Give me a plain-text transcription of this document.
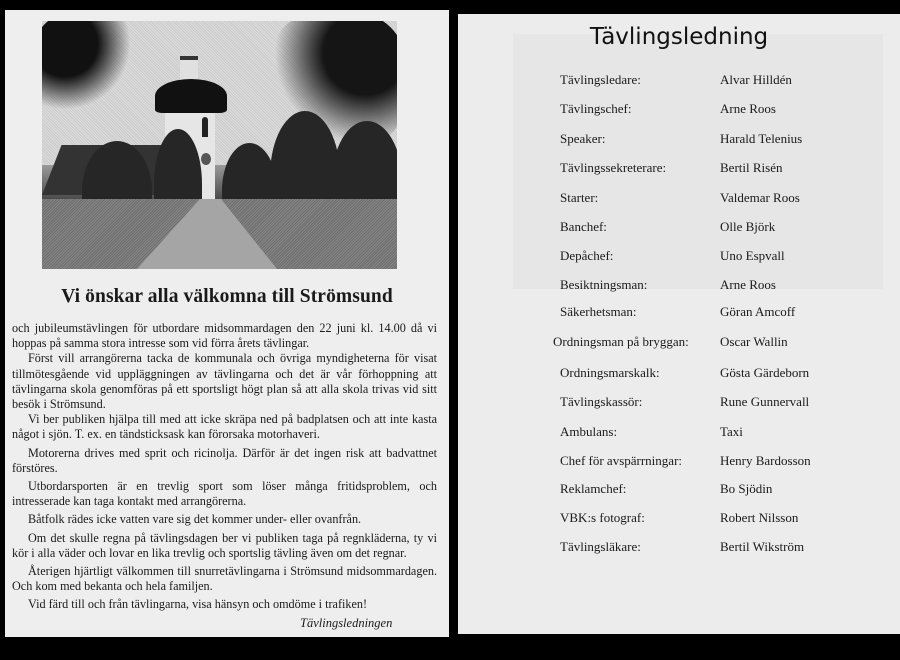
Vi önskar alla välkomna till Strömsund

och jubileumstävlingen för utbordare midsommardagen den 22 juni kl. 14.00 då vi hoppas på samma stora intresse som vid förra årets tävlingar.

Först vill arrangörerna tacka de kommunala och övriga myndigheterna för visat tillmötesgående vid uppläggningen av tävlingarna och det är vår förhoppning att tävlingarna skola genomföras på ett sportsligt högt plan så att alla skola trivas vid sitt besök i Strömsund.

Vi ber publiken hjälpa till med att icke skräpa ned på badplatsen och att inte kasta något i sjön. T. ex. en tändsticksask kan förorsaka motorhaveri.

Motorerna drives med sprit och ricinolja. Därför är det ingen risk att badvattnet förstöres.

Utbordarsporten är en trevlig sport som löser många fritidsproblem, och intresserade kan taga kontakt med arrangörerna.

Båtfolk rädes icke vatten vare sig det kommer under- eller ovanfrån.

Om det skulle regna på tävlingsdagen ber vi publiken taga på regnkläderna, ty vi kör i alla väder och lovar en lika trevlig och sportslig tävling även om det regnar.

Återigen hjärtligt välkommen till snurretävlingarna i Strömsund midsommardagen. Och kom med bekanta och hela familjen.

Vid färd till och från tävlingarna, visa hänsyn och omdöme i trafiken!

Tävlingsledningen
Tävlingsledning
Tävlingsledare:	Alvar Hilldén
Tävlingschef:	Arne Roos
Speaker:	Harald Telenius
Tävlingssekreterare:	Bertil Risén
Starter:	Valdemar Roos
Banchef:	Olle Björk
Depåchef:	Uno Espvall
Besiktningsman:	Arne Roos
Säkerhetsman:	Göran Amcoff
Ordningsman på bryggan: Oscar Wallin
Ordningsmarskalk:	Gösta Gärdeborn
Tävlingskassör:	Rune Gunnervall
Ambulans:	Taxi
Chef för avspärrningar:	Henry Bardosson
Reklamchef:	Bo Sjödin
VBK:s fotograf:	Robert Nilsson
Tävlingsläkare:	Bertil Wikström
